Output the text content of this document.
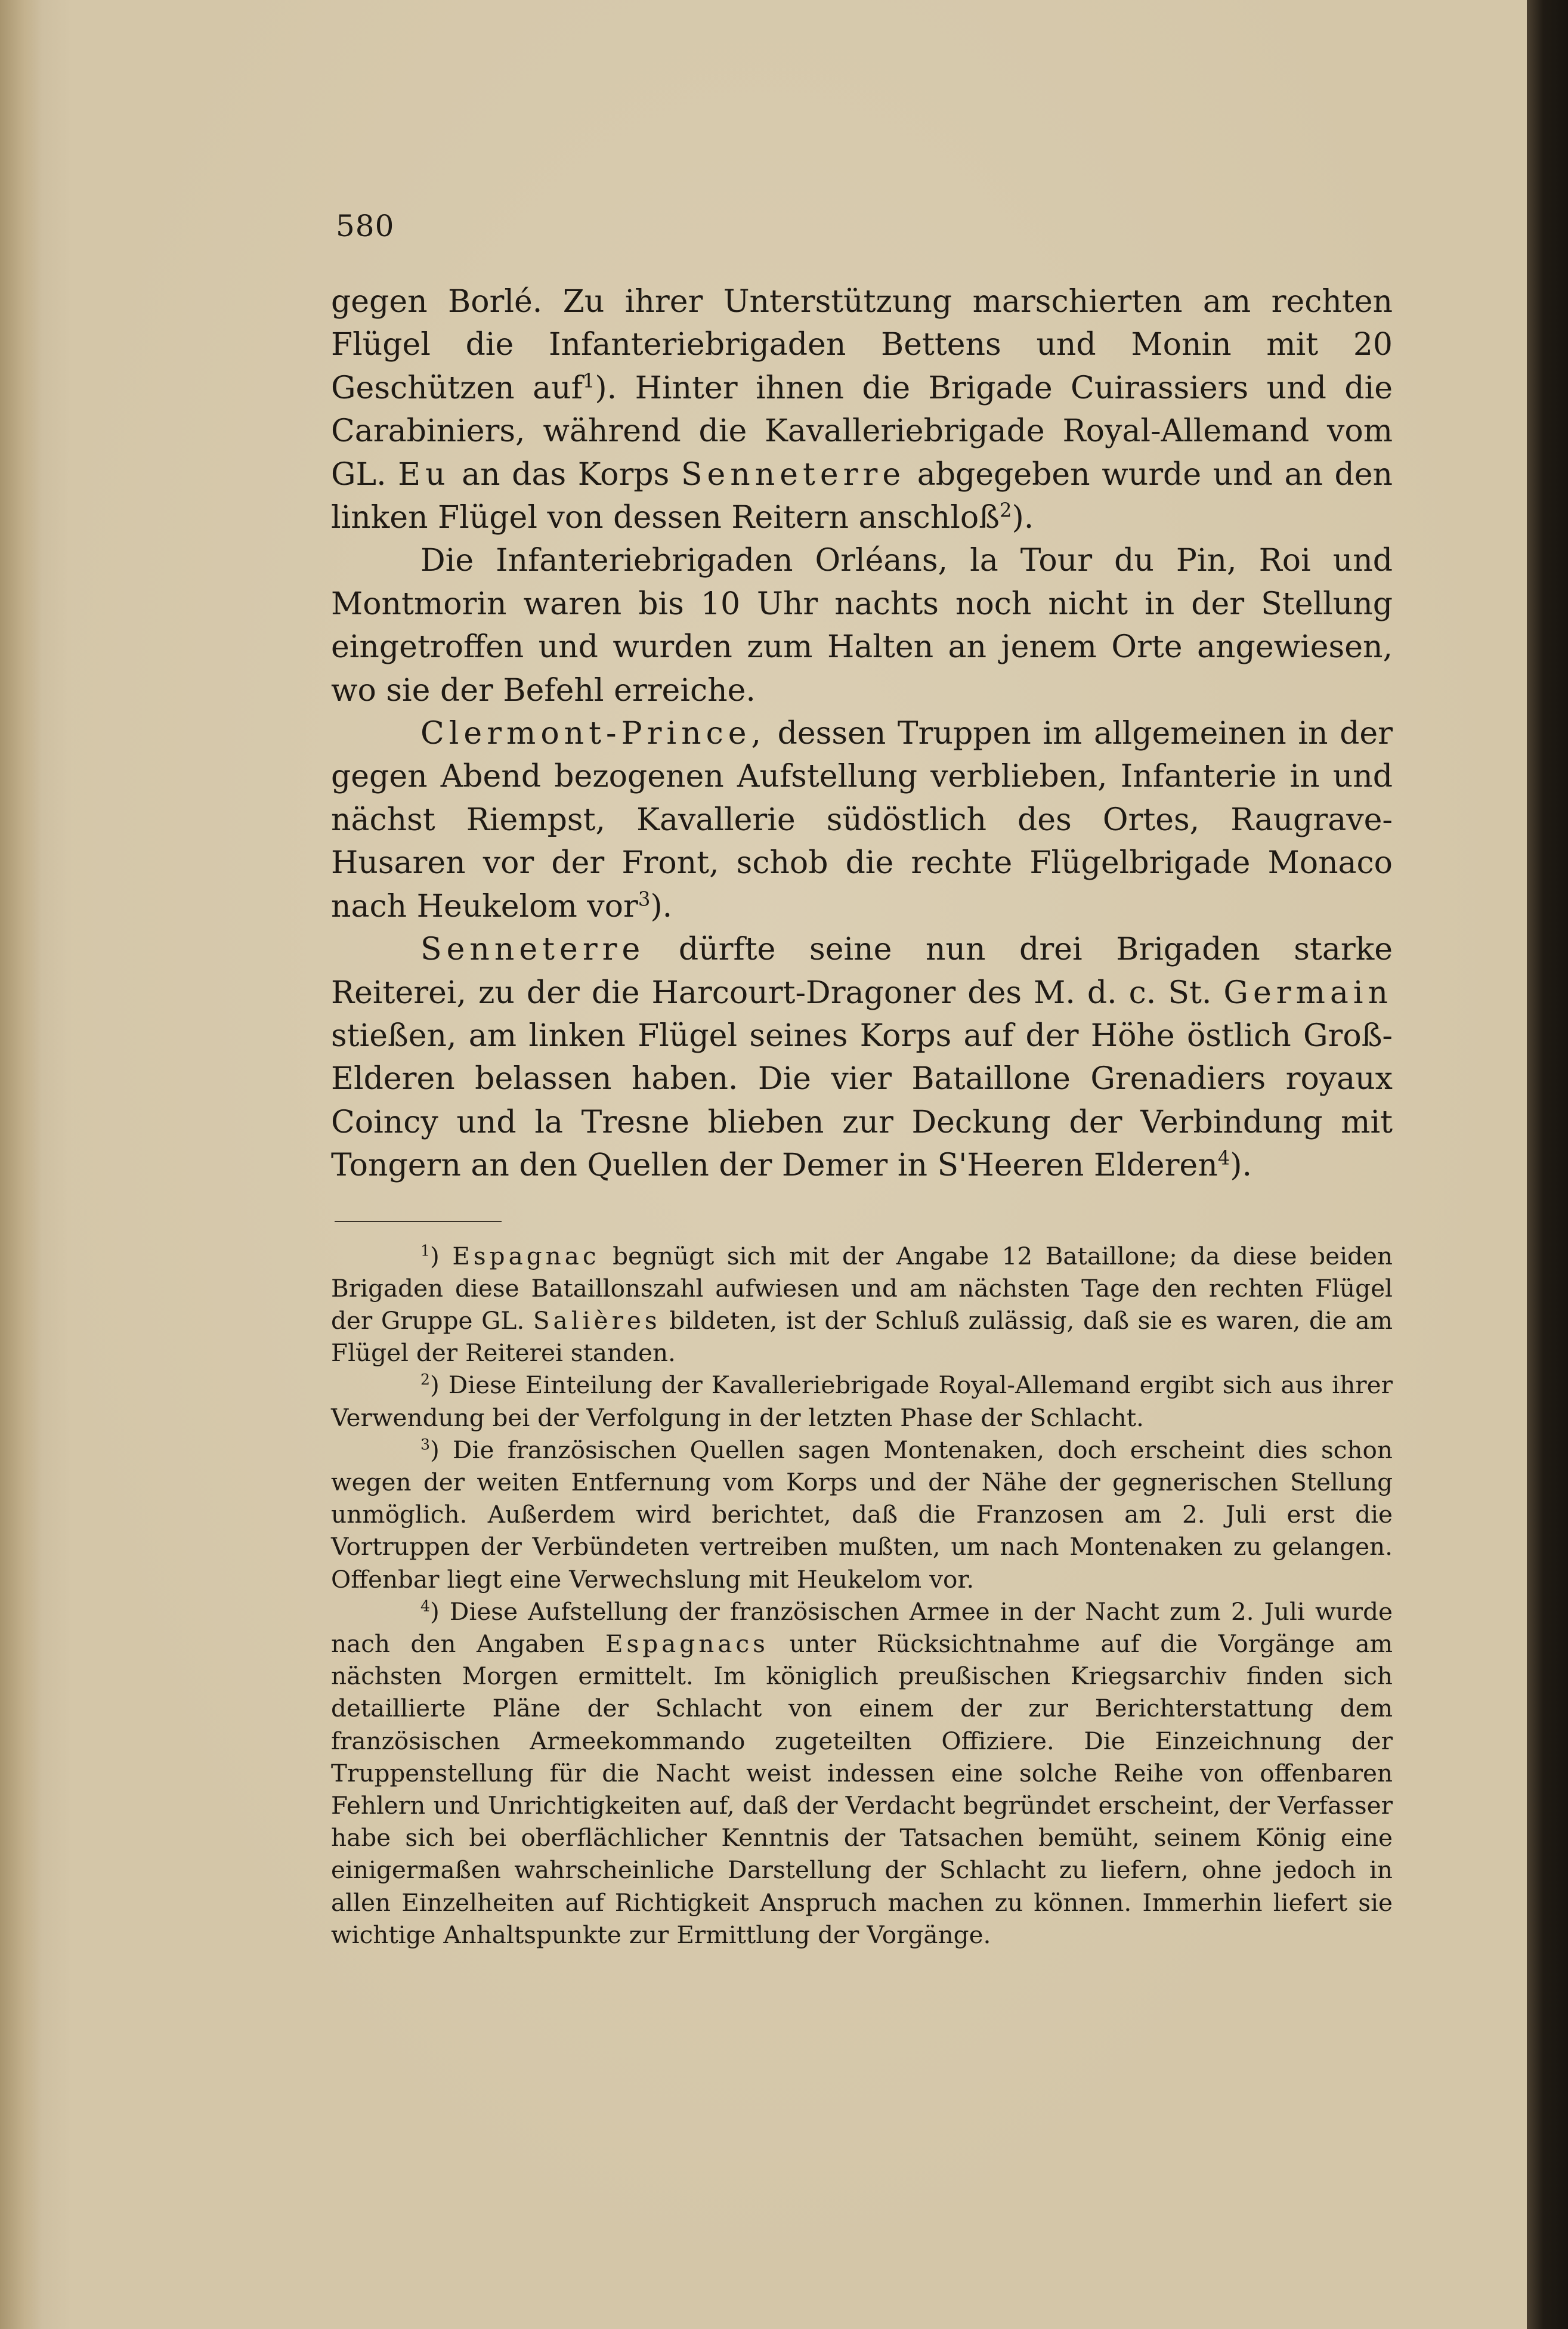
580

gegen Borlé. Zu ihrer Unterstützung marschierten am rechten Flügel die Infanteriebrigaden Bettens und Monin mit 20 Geschützen auf$^1$). Hinter ihnen die Brigade Cuirassiers und die Carabiniers, während die Kavalleriebrigade Royal-Allemand vom GL. Eu an das Korps Senneterre abgegeben wurde und an den linken Flügel von dessen Reitern anschloß$^2$).

Die Infanteriebrigaden Orléans, la Tour du Pin, Roi und Montmorin waren bis 10 Uhr nachts noch nicht in der Stellung eingetroffen und wurden zum Halten an jenem Orte angewiesen, wo sie der Befehl erreiche.

Clermont-Prince, dessen Truppen im allgemeinen in der gegen Abend bezogenen Aufstellung verblieben, Infanterie in und nächst Riempst, Kavallerie südöstlich des Ortes, Raugrave-Husaren vor der Front, schob die rechte Flügelbrigade Monaco nach Heukelom vor$^3$).

Senneterre dürfte seine nun drei Brigaden starke Reiterei, zu der die Harcourt-Dragoner des M. d. c. St. Germain stießen, am linken Flügel seines Korps auf der Höhe östlich Groß-Elderen belassen haben. Die vier Bataillone Grenadiers royaux Coincy und la Tresne blieben zur Deckung der Verbindung mit Tongern an den Quellen der Demer in S'Heeren Elderen$^4$).

$^1$) Espagnac begnügt sich mit der Angabe 12 Bataillone; da diese beiden Brigaden diese Bataillonszahl aufwiesen und am nächsten Tage den rechten Flügel der Gruppe GL. Salières bildeten, ist der Schluß zulässig, daß sie es waren, die am Flügel der Reiterei standen.

$^2$) Diese Einteilung der Kavalleriebrigade Royal-Allemand ergibt sich aus ihrer Verwendung bei der Verfolgung in der letzten Phase der Schlacht.

$^3$) Die französischen Quellen sagen Montenaken, doch erscheint dies schon wegen der weiten Entfernung vom Korps und der Nähe der gegnerischen Stellung unmöglich. Außerdem wird berichtet, daß die Franzosen am 2. Juli erst die Vortruppen der Verbündeten vertreiben mußten, um nach Montenaken zu gelangen. Offenbar liegt eine Verwechslung mit Heukelom vor.

$^4$) Diese Aufstellung der französischen Armee in der Nacht zum 2. Juli wurde nach den Angaben Espagnacs unter Rücksichtnahme auf die Vorgänge am nächsten Morgen ermittelt. Im königlich preußischen Kriegsarchiv finden sich detaillierte Pläne der Schlacht von einem der zur Berichterstattung dem französischen Armeekommando zugeteilten Offiziere. Die Einzeichnung der Truppenstellung für die Nacht weist indessen eine solche Reihe von offenbaren Fehlern und Unrichtigkeiten auf, daß der Verdacht begründet erscheint, der Verfasser habe sich bei oberflächlicher Kenntnis der Tatsachen bemüht, seinem König eine einigermaßen wahrscheinliche Darstellung der Schlacht zu liefern, ohne jedoch in allen Einzelheiten auf Richtigkeit Anspruch machen zu können. Immerhin liefert sie wichtige Anhaltspunkte zur Ermittlung der Vorgänge.
